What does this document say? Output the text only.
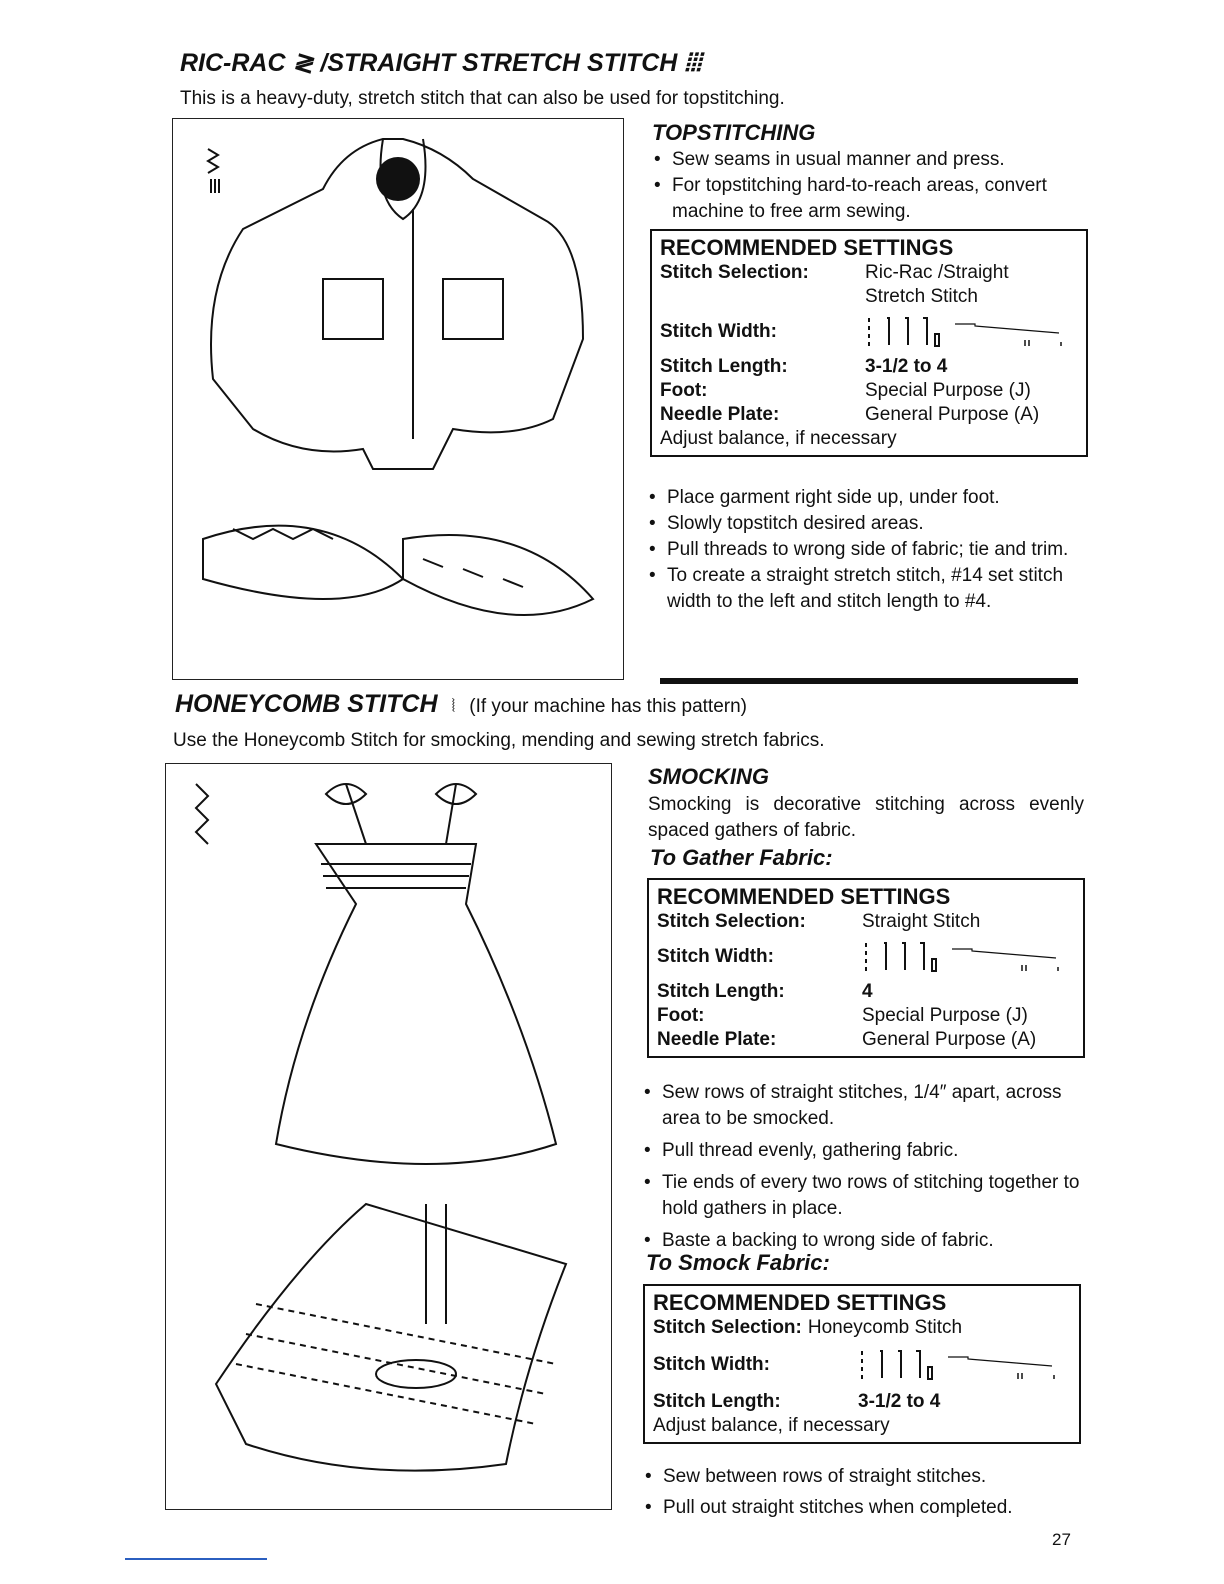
RIC-RAC ≷ /STRAIGHT STRETCH STITCH ⦙⦙⦙
This is a heavy-duty, stretch stitch that can also be used for topstitching.
TOPSTITCHING
• Sew seams in usual manner and press.
• For topstitching hard-to-reach areas, convert machine to free arm sewing.
RECOMMENDED SETTINGS
Stitch Selection:	Ric-Rac /Straight Stretch Stitch
Stitch Width:
Stitch Length:	3-1/2 to 4
Foot:	Special Purpose (J)
Needle Plate:	General Purpose (A)
Adjust balance, if necessary
• Place garment right side up, under foot.
• Slowly topstitch desired areas.
• Pull threads to wrong side of fabric; tie and trim.
• To create a straight stretch stitch, #14 set stitch width to the left and stitch length to #4.
HONEYCOMB STITCH ⦚ (If your machine has this pattern)
Use the Honeycomb Stitch for smocking, mending and sewing stretch fabrics.
SMOCKING
Smocking is decorative stitching across evenly spaced gathers of fabric.
To Gather Fabric:
RECOMMENDED SETTINGS
Stitch Selection:	Straight Stitch
Stitch Width:
Stitch Length:	4
Foot:	Special Purpose (J)
Needle Plate:	General Purpose (A)
• Sew rows of straight stitches, 1/4″ apart, across area to be smocked.
• Pull thread evenly, gathering fabric.
• Tie ends of every two rows of stitching together to hold gathers in place.
• Baste a backing to wrong side of fabric.
To Smock Fabric:
RECOMMENDED SETTINGS
Stitch Selection: Honeycomb Stitch
Stitch Width:
Stitch Length:	3-1/2 to 4
Adjust balance, if necessary
• Sew between rows of straight stitches.
• Pull out straight stitches when completed.
27
